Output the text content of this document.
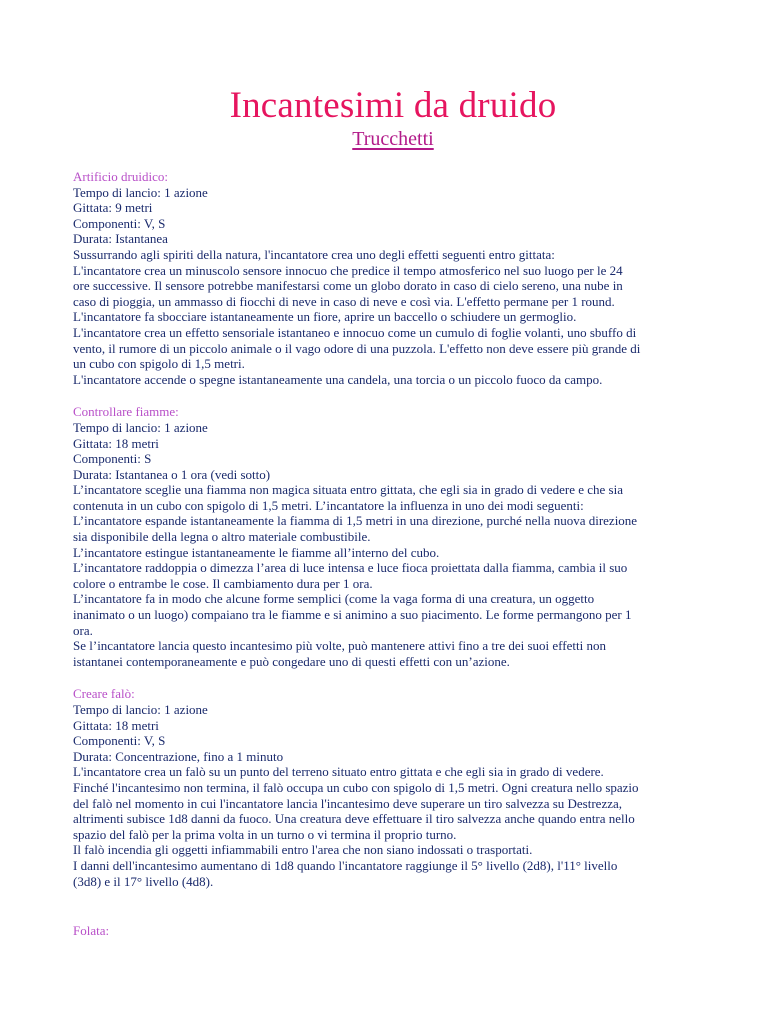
Incantesimi da druido
Trucchetti
Artificio druidico:

Tempo di lancio: 1 azione

Gittata: 9 metri

Componenti: V, S

Durata: Istantanea

Sussurrando agli spiriti della natura, l'incantatore crea uno degli effetti seguenti entro gittata:

L'incantatore crea un minuscolo sensore innocuo che predice il tempo atmosferico nel suo luogo per le 24

ore successive. Il sensore potrebbe manifestarsi come un globo dorato in caso di cielo sereno, una nube in

caso di pioggia, un ammasso di fiocchi di neve in caso di neve e così via. L'effetto permane per 1 round.

L'incantatore fa sbocciare istantaneamente un fiore, aprire un baccello o schiudere un germoglio.

L'incantatore crea un effetto sensoriale istantaneo e innocuo come un cumulo di foglie volanti, uno sbuffo di

vento, il rumore di un piccolo animale o il vago odore di una puzzola. L'effetto non deve essere più grande di

un cubo con spigolo di 1,5 metri.

L'incantatore accende o spegne istantaneamente una candela, una torcia o un piccolo fuoco da campo.

Controllare fiamme:

Tempo di lancio: 1 azione

Gittata: 18 metri

Componenti: S

Durata: Istantanea o 1 ora (vedi sotto)

L’incantatore sceglie una fiamma non magica situata entro gittata, che egli sia in grado di vedere e che sia

contenuta in un cubo con spigolo di 1,5 metri. L’incantatore la influenza in uno dei modi seguenti:

L’incantatore espande istantaneamente la fiamma di 1,5 metri in una direzione, purché nella nuova direzione

sia disponibile della legna o altro materiale combustibile.

L’incantatore estingue istantaneamente le fiamme all’interno del cubo.

L’incantatore raddoppia o dimezza l’area di luce intensa e luce fioca proiettata dalla fiamma, cambia il suo

colore o entrambe le cose. Il cambiamento dura per 1 ora.

L’incantatore fa in modo che alcune forme semplici (come la vaga forma di una creatura, un oggetto

inanimato o un luogo) compaiano tra le fiamme e si animino a suo piacimento. Le forme permangono per 1

ora.

Se l’incantatore lancia questo incantesimo più volte, può mantenere attivi fino a tre dei suoi effetti non

istantanei contemporaneamente e può congedare uno di questi effetti con un’azione.

Creare falò:

Tempo di lancio: 1 azione

Gittata: 18 metri

Componenti: V, S

Durata: Concentrazione, fino a 1 minuto

L'incantatore crea un falò su un punto del terreno situato entro gittata e che egli sia in grado di vedere.

Finché l'incantesimo non termina, il falò occupa un cubo con spigolo di 1,5 metri. Ogni creatura nello spazio

del falò nel momento in cui l'incantatore lancia l'incantesimo deve superare un tiro salvezza su Destrezza,

altrimenti subisce 1d8 danni da fuoco. Una creatura deve effettuare il tiro salvezza anche quando entra nello

spazio del falò per la prima volta in un turno o vi termina il proprio turno.

Il falò incendia gli oggetti infiammabili entro l'area che non siano indossati o trasportati.

I danni dell'incantesimo aumentano di 1d8 quando l'incantatore raggiunge il 5° livello (2d8), l'11° livello

(3d8) e il 17° livello (4d8).

Folata:
